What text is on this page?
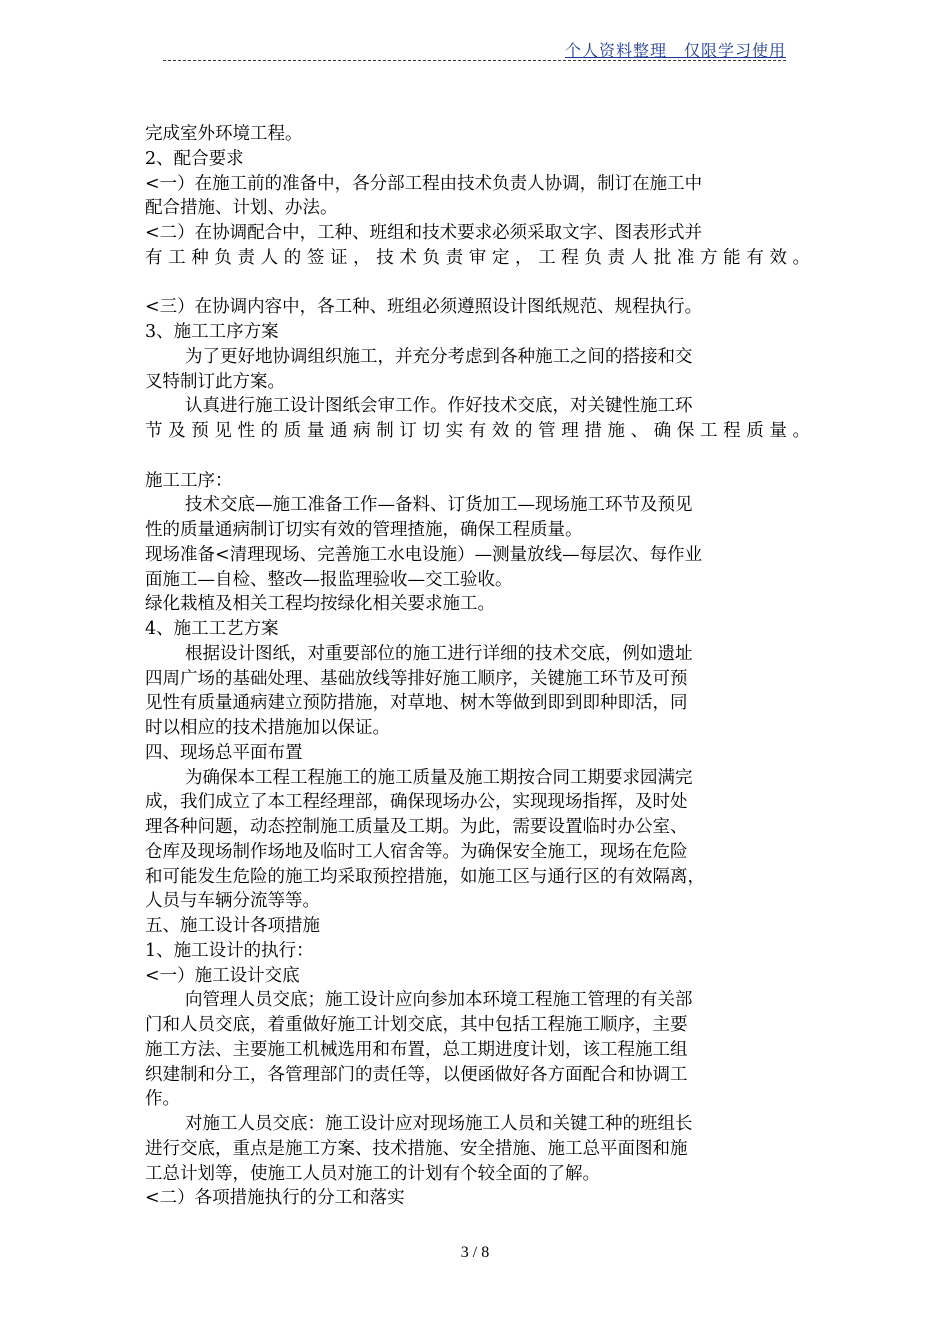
个人资料整理　仅限学习使用
完成室外环境工程。
2、配合要求
<一）在施工前的准备中，各分部工程由技术负责人协调，制订在施工中
配合措施、计划、办法。
<二）在协调配合中，工种、班组和技术要求必须采取文字、图表形式并
有工种负责人的签证，技术负责审定，工程负责人批准方能有效。
<三）在协调内容中，各工种、班组必须遵照设计图纸规范、规程执行。
3、施工工序方案
为了更好地协调组织施工，并充分考虑到各种施工之间的搭接和交
叉特制订此方案。
认真进行施工设计图纸会审工作。作好技术交底，对关键性施工环
节及预见性的质量通病制订切实有效的管理措施、确保工程质量。
施工工序：
技术交底—施工准备工作—备料、订货加工—现场施工环节及预见
性的质量通病制订切实有效的管理揸施，确保工程质量。
现场准备<清理现场、完善施工水电设施）—测量放线—每层次、每作业
面施工—自检、整改—报监理验收—交工验收。
绿化栽植及相关工程均按绿化相关要求施工。
4、施工工艺方案
根据设计图纸，对重要部位的施工进行详细的技术交底，例如遗址
四周广场的基础处理、基础放线等排好施工顺序，关键施工环节及可预
见性有质量通病建立预防措施，对草地、树木等做到即到即种即活，同
时以相应的技术措施加以保证。
四、现场总平面布置
为确保本工程工程施工的施工质量及施工期按合同工期要求园满完
成，我们成立了本工程经理部，确保现场办公，实现现场指挥，及时处
理各种问题，动态控制施工质量及工期。为此，需要设置临时办公室、
仓库及现场制作场地及临时工人宿舍等。为确保安全施工，现场在危险
和可能发生危险的施工均采取预控措施，如施工区与通行区的有效隔离，
人员与车辆分流等等。
五、施工设计各项措施
1、施工设计的执行：
<一）施工设计交底
向管理人员交底；施工设计应向参加本环境工程施工管理的有关部
门和人员交底，着重做好施工计划交底，其中包括工程施工顺序，主要
施工方法、主要施工机械选用和布置，总工期进度计划，该工程施工组
织建制和分工，各管理部门的责任等，以便函做好各方面配合和协调工
作。
对施工人员交底：施工设计应对现场施工人员和关键工种的班组长
进行交底，重点是施工方案、技术措施、安全措施、施工总平面图和施
工总计划等，使施工人员对施工的计划有个较全面的了解。
<二）各项措施执行的分工和落实
3 / 8
